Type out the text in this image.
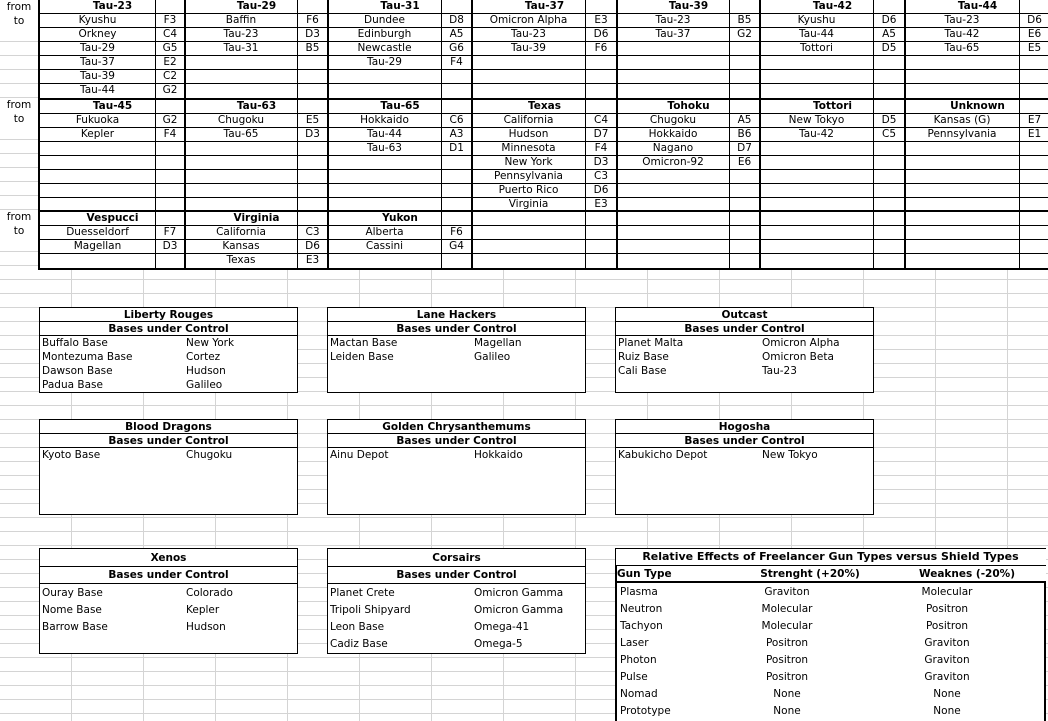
from
to
Tau-23
Kyushu	F3
Orkney	C4
Tau-29	G5
Tau-37	E2
Tau-39	C2
Tau-44	G2
Tau-29
Baffin	F6
Tau-23	D3
Tau-31	B5
Tau-31
Dundee	D8
Edinburgh	A5
Newcastle	G6
Tau-29	F4
Tau-37
Omicron Alpha	E3
Tau-23	D6
Tau-39	F6
Tau-39
Tau-23	B5
Tau-37	G2
Tau-42
Kyushu	D6
Tau-44	A5
Tottori	D5
Tau-44
Tau-23	D6
Tau-42	E6
Tau-65	E5
from
to
Tau-45
Fukuoka	G2
Kepler	F4
Tau-63
Chugoku	E5
Tau-65	D3
Tau-65
Hokkaido	C6
Tau-44	A3
Tau-63	D1
Texas
California	C4
Hudson	D7
Minnesota	F4
New York	D3
Pennsylvania	C3
Puerto Rico	D6
Virginia	E3
Tohoku
Chugoku	A5
Hokkaido	B6
Nagano	D7
Omicron-92	E6
Tottori
New Tokyo	D5
Tau-42	C5
Unknown
Kansas (G)	E7
Pennsylvania	E1
from
to
Vespucci
Duesseldorf	F7
Magellan	D3
Virginia
California	C3
Kansas	D6
Texas	E3
Yukon
Alberta	F6
Cassini	G4
Liberty Rouges
Bases under Control
Buffalo Base	New York
Montezuma Base	Cortez
Dawson Base	Hudson
Padua Base	Galileo
Lane Hackers
Bases under Control
Mactan Base	Magellan
Leiden Base	Galileo
Outcast
Bases under Control
Planet Malta	Omicron Alpha
Ruiz Base	Omicron Beta
Cali Base	Tau-23
Blood Dragons
Bases under Control
Kyoto Base	Chugoku
Golden Chrysanthemums
Bases under Control
Ainu Depot	Hokkaido
Hogosha
Bases under Control
Kabukicho Depot	New Tokyo
Xenos
Bases under Control
Ouray Base	Colorado
Nome Base	Kepler
Barrow Base	Hudson
Corsairs
Bases under Control
Planet Crete	Omicron Gamma
Tripoli Shipyard	Omicron Gamma
Leon Base	Omega-41
Cadiz Base	Omega-5
Relative Effects of Freelancer Gun Types versus Shield Types
Gun Type	Strenght (+20%)	Weaknes (-20%)
Plasma	Graviton	Molecular
Neutron	Molecular	Positron
Tachyon	Molecular	Positron
Laser	Positron	Graviton
Photon	Positron	Graviton
Pulse	Positron	Graviton
Nomad	None	None
Prototype	None	None
